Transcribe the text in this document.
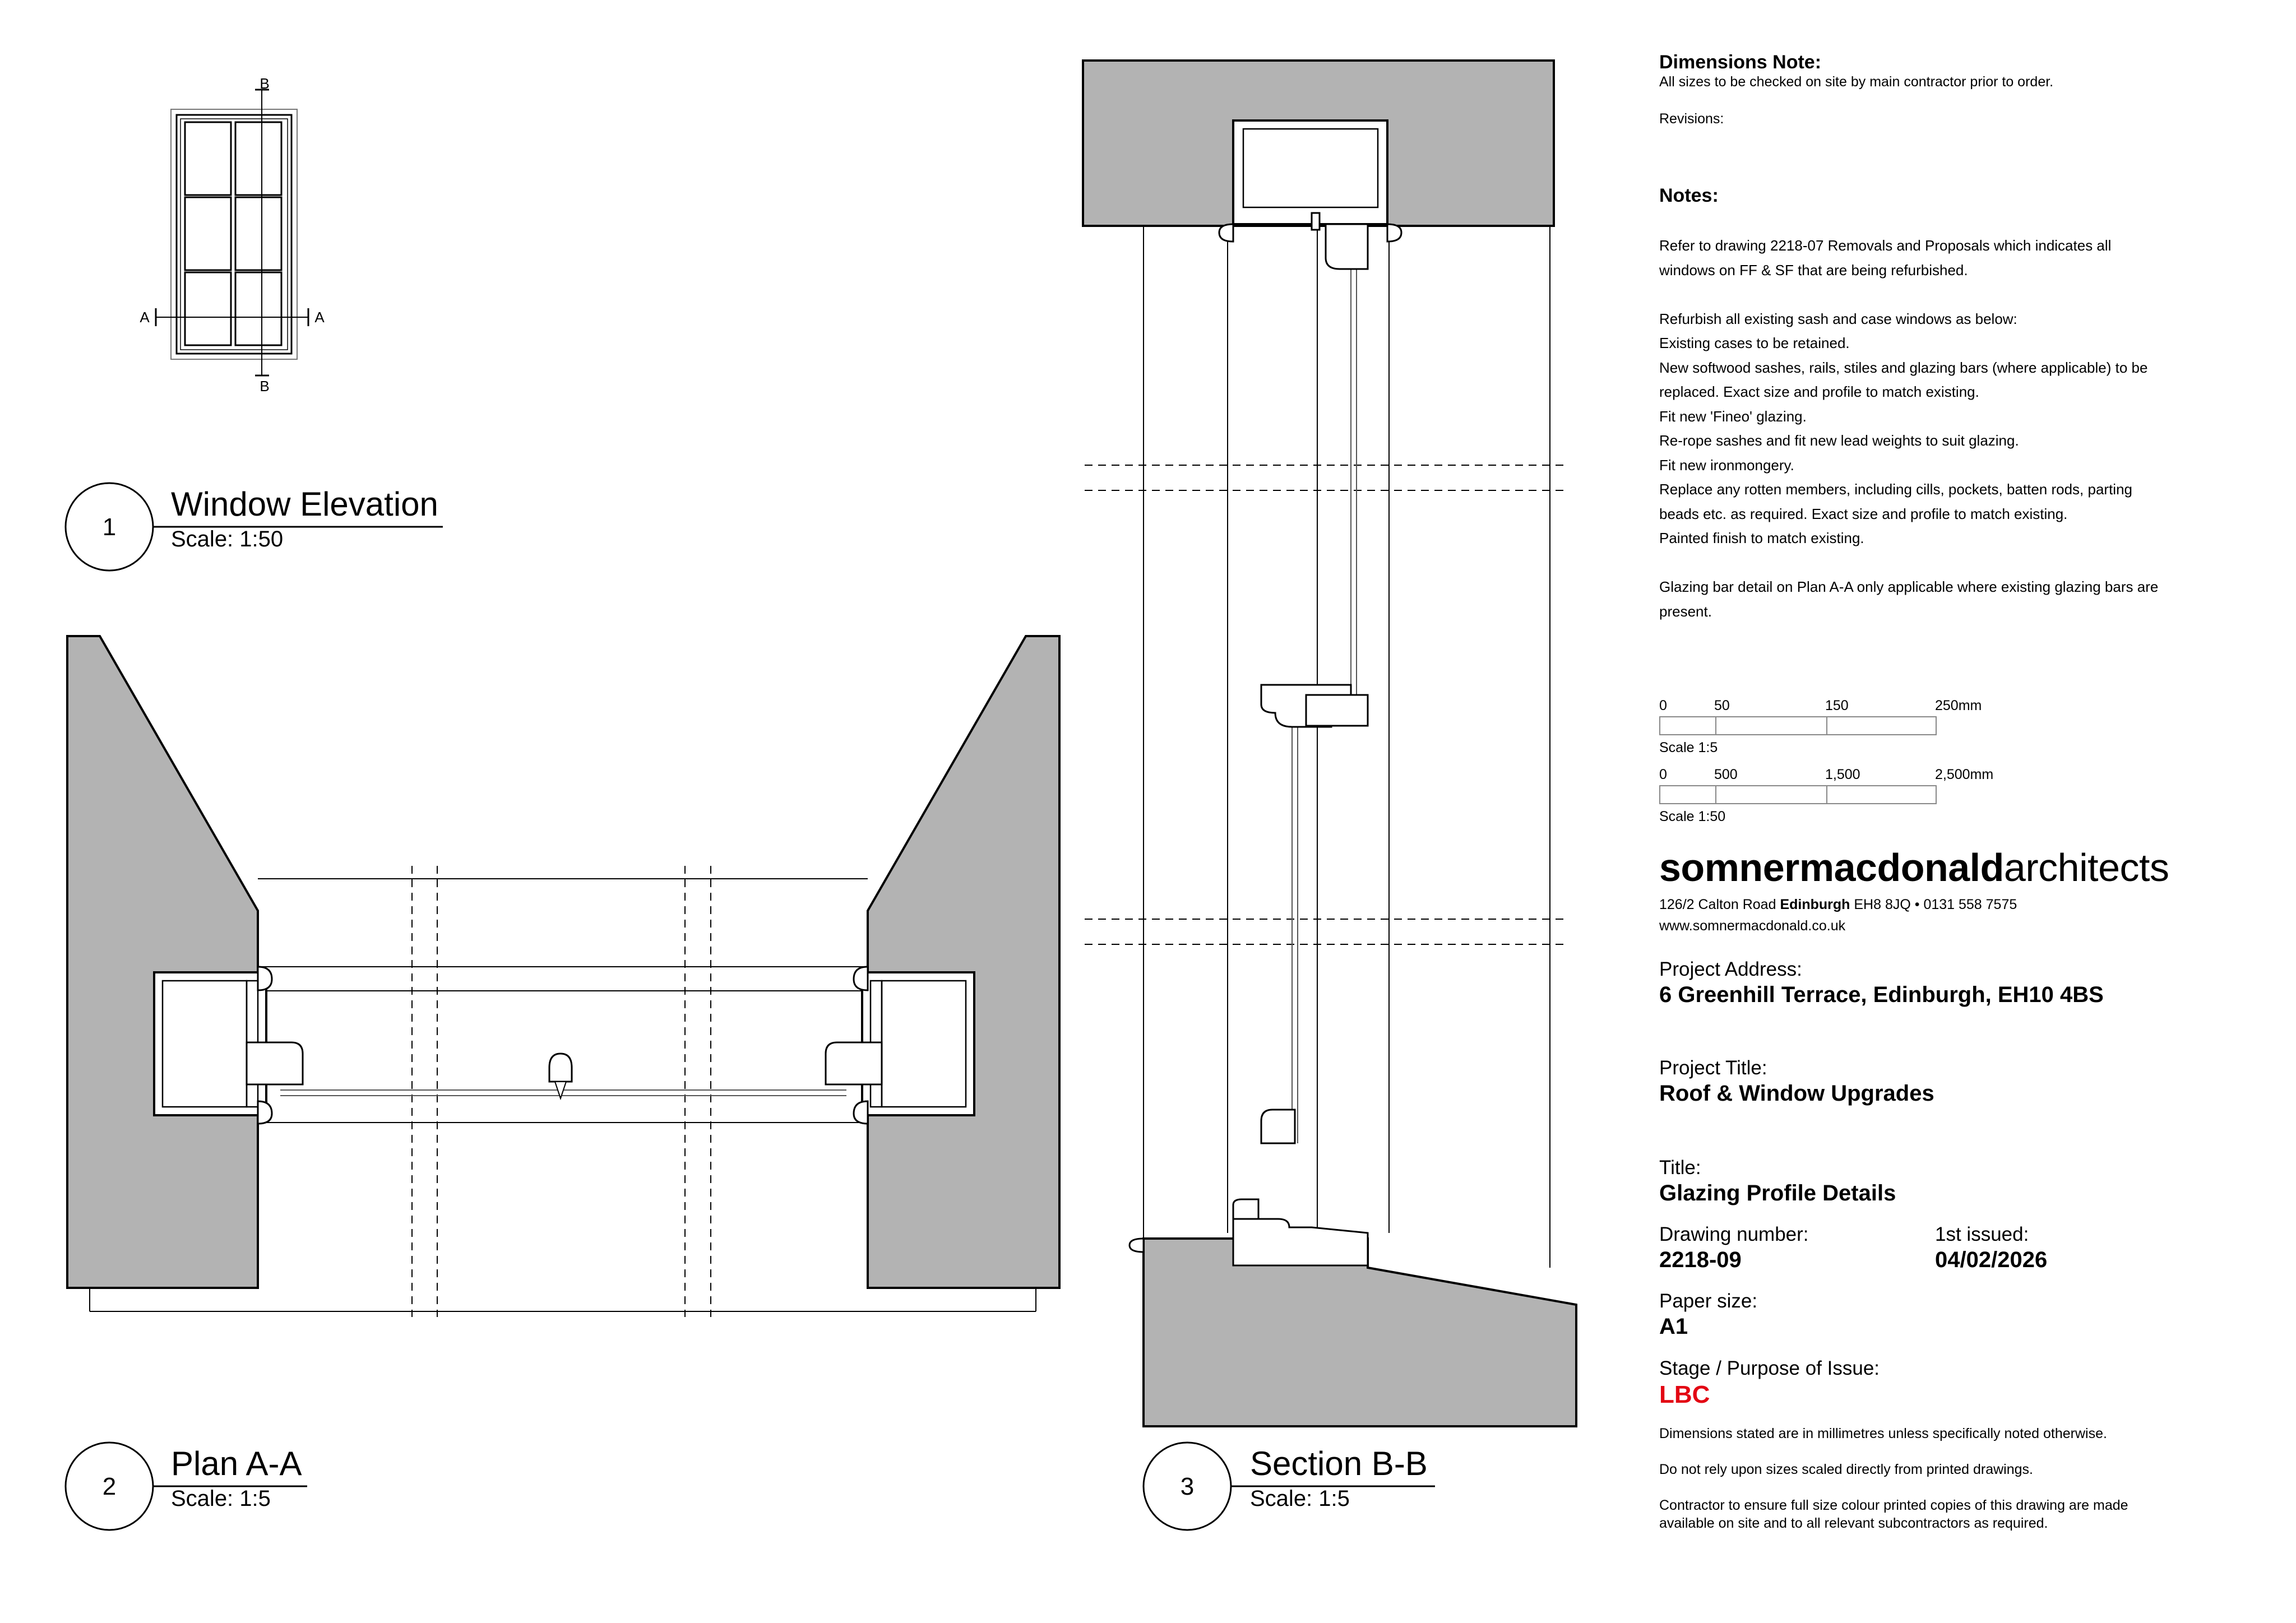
B
B
A	A
1
Window Elevation
Scale: 1:50
2
Plan A-A
Scale: 1:5	3
Section B-B
Scale: 1:5
Dimensions Note:
All sizes to be checked on site by main contractor prior to order.
Revisions:
Notes:
Refer to drawing 2218-07 Removals and Proposals which indicates all
windows on FF & SF that are being refurbished.
Refurbish all existing sash and case windows as below:
Existing cases to be retained.
New softwood sashes, rails, stiles and glazing bars (where applicable) to be
replaced. Exact size and profile to match existing.
Fit new 'Fineo' glazing.
Re-rope sashes and fit new lead weights to suit glazing.
Fit new ironmongery.
Replace any rotten members, including cills, pockets, batten rods, parting
beads etc. as required. Exact size and profile to match existing.
Painted finish to match existing.
Glazing bar detail on Plan A-A only applicable where existing glazing bars are
present.
0	50	150	250mm
Scale 1:5
0	500	1,500	2,500mm
Scale 1:50
somnermacdonaldarchitects
126/2 Calton Road Edinburgh EH8 8JQ • 0131 558 7575
www.somnermacdonald.co.uk
Project Address:
6 Greenhill Terrace, Edinburgh, EH10 4BS
Project Title:
Roof & Window Upgrades
Title:
Glazing Profile Details
Drawing number:
2218-09
1st issued:
04/02/2026
Paper size:
A1
Stage / Purpose of Issue:
LBC
Dimensions stated are in millimetres unless specifically noted otherwise.
Do not rely upon sizes scaled directly from printed drawings.
Contractor to ensure full size colour printed copies of this drawing are made
available on site and to all relevant subcontractors as required.
